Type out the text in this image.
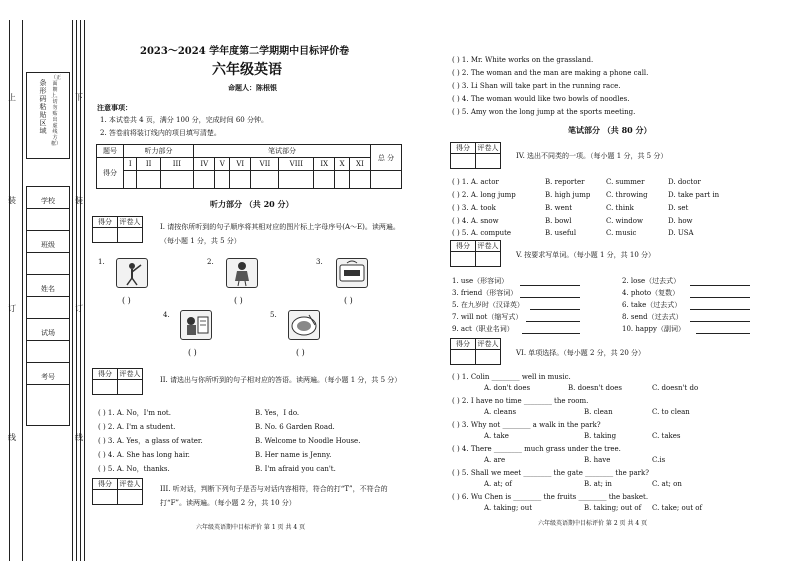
上	下
装	装
订	订
线	线
条形码粘贴区域
（正面朝上，切勿贴出虚线方框）
学校
班级
姓名
试场
考号
2023～2024 学年度第二学期期中目标评价卷
六年级英语
命题人：陈根银
注意事项：
1. 本试卷共 4 页，满分 100 分，完成时间 60 分钟。
2. 答卷前将装订线内的项目填写清楚。
题号	听力部分			笔试部分								总 分
得分	I	II	III	IV	V	VI	VII	VIII	IX	X	XI	

听力部分 （共 20 分）
得分	评卷人

I. 请按你所听到的句子顺序将其相对应的图片标上字母序号(A～E)。读两遍。（每小题 1 分，共 5 分）
1.
( )
2.
( )
3.
( )
4.
( )
5.
( )
得分	评卷人

II. 请选出与你所听到的句子相对应的答语。读两遍。（每小题 1 分，共 5 分）
( ) 1. A. No，I'm not.	B. Yes，I do.
( ) 2. A. I'm a student.	B. No. 6 Garden Road.
( ) 3. A. Yes，a glass of water.	B. Welcome to Noodle House.
( ) 4. A. She has long hair.	B. Her name is Jenny.
( ) 5. A. No，thanks.	B. I'm afraid you can't.
得分	评卷人

III. 听对话，判断下列句子是否与对话内容相符，符合的打“T”，不符合的打“F”。读两遍。（每小题 2 分，共 10 分）
六年级英语期中目标评价 第 1 页 共 4 页
( ) 1. Mr. White works on the grassland.
( ) 2. The woman and the man are making a phone call.
( ) 3. Li Shan will take part in the running race.
( ) 4. The woman would like two bowls of noodles.
( ) 5. Amy won the long jump at the sports meeting.
笔试部分 （共 80 分）
得分	评卷人

IV. 选出不同类的一项。（每小题 1 分，共 5 分）
( ) 1. A. actor	B. reporter	C. summer	D. doctor
( ) 2. A. long jump	B. high jump C. throwing	D. take part in
( ) 3. A. took	B. went	C. think	D. set
( ) 4. A. snow	B. bowl	C. window	D. how
( ) 5. A. compute	B. useful	C. music	D. USA
得分	评卷人

V. 按要求写单词。（每小题 1 分，共 10 分）
1. use（形容词）	2. lose（过去式）
3. friend（形容词）	4. photo（复数）
5. 在九岁时（汉译英）	6. take（过去式）
7. will not（缩写式）	8. send（过去式）
9. act（职业名词）	10. happy（副词）
得分	评卷人

VI. 单项选择。（每小题 2 分，共 20 分）
( ) 1. Colin ________ well in music.
A. don't does	B. doesn't does	C. doesn't do
( ) 2. I have no time ________ the room.
A. cleans	B. clean	C. to clean
( ) 3. Why not ________ a walk in the park?
A. take	B. taking	C. takes
( ) 4. There ________ much grass under the tree.
A. are	B. have	C.is
( ) 5. Shall we meet ________ the gate ________ the park?
A. at; of	B. at; in	C. at; on
( ) 6. Wu Chen is ________ the fruits ________ the basket.
A. taking; out	B. taking; out of C. take; out of
六年级英语期中目标评价 第 2 页 共 4 页
